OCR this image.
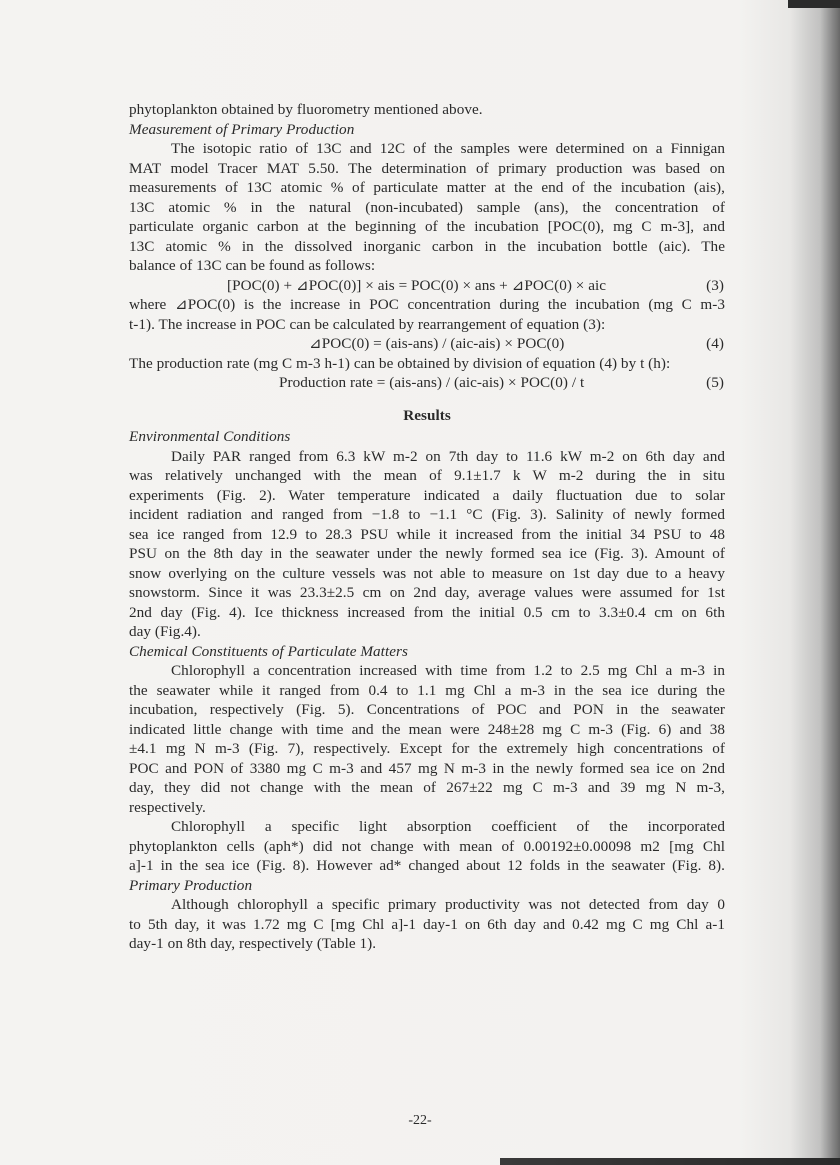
phytoplankton obtained by fluorometry mentioned above.
Measurement of Primary Production
The isotopic ratio of 13C and 12C of the samples were determined on a Finnigan
MAT model Tracer MAT 5.50. The determination of primary production was based on
measurements of 13C atomic % of particulate matter at the end of the incubation (ais),
13C atomic % in the natural (non-incubated) sample (ans), the concentration of
particulate organic carbon at the beginning of the incubation [POC(0), mg C m-3], and
13C atomic % in the dissolved inorganic carbon in the incubation bottle (aic). The
balance of 13C can be found as follows:
[POC(0) + ⊿POC(0)] × ais = POC(0) × ans + ⊿POC(0) × aic	(3)
where ⊿POC(0) is the increase in POC concentration during the incubation (mg C m-3
t-1). The increase in POC can be calculated by rearrangement of equation (3):
⊿POC(0) = (ais-ans) / (aic-ais) × POC(0)	(4)
The production rate (mg C m-3 h-1) can be obtained by division of equation (4) by t (h):
Production rate = (ais-ans) / (aic-ais) × POC(0) / t	(5)
Results
Environmental Conditions
Daily PAR ranged from 6.3 kW m-2 on 7th day to 11.6 kW m-2 on 6th day and
was relatively unchanged with the mean of 9.1±1.7 k W m-2 during the in situ
experiments (Fig. 2). Water temperature indicated a daily fluctuation due to solar
incident radiation and ranged from −1.8 to −1.1 °C (Fig. 3). Salinity of newly formed
sea ice ranged from 12.9 to 28.3 PSU while it increased from the initial 34 PSU to 48
PSU on the 8th day in the seawater under the newly formed sea ice (Fig. 3). Amount of
snow overlying on the culture vessels was not able to measure on 1st day due to a heavy
snowstorm. Since it was 23.3±2.5 cm on 2nd day, average values were assumed for 1st
2nd day (Fig. 4). Ice thickness increased from the initial 0.5 cm to 3.3±0.4 cm on 6th
day (Fig.4).
Chemical Constituents of Particulate Matters
Chlorophyll a concentration increased with time from 1.2 to 2.5 mg Chl a m-3 in
the seawater while it ranged from 0.4 to 1.1 mg Chl a m-3 in the sea ice during the
incubation, respectively (Fig. 5). Concentrations of POC and PON in the seawater
indicated little change with time and the mean were 248±28 mg C m-3 (Fig. 6) and 38
±4.1 mg N m-3 (Fig. 7), respectively. Except for the extremely high concentrations of
POC and PON of 3380 mg C m-3 and 457 mg N m-3 in the newly formed sea ice on 2nd
day, they did not change with the mean of 267±22 mg C m-3 and 39 mg N m-3,
respectively.
Chlorophyll a specific light absorption coefficient of the incorporated
phytoplankton cells (aph*) did not change with mean of 0.00192±0.00098 m2 [mg Chl
a]-1 in the sea ice (Fig. 8). However ad* changed about 12 folds in the seawater (Fig. 8).
Primary Production
Although chlorophyll a specific primary productivity was not detected from day 0
to 5th day, it was 1.72 mg C [mg Chl a]-1 day-1 on 6th day and 0.42 mg C mg Chl a-1
day-1 on 8th day, respectively (Table 1).
-22-
